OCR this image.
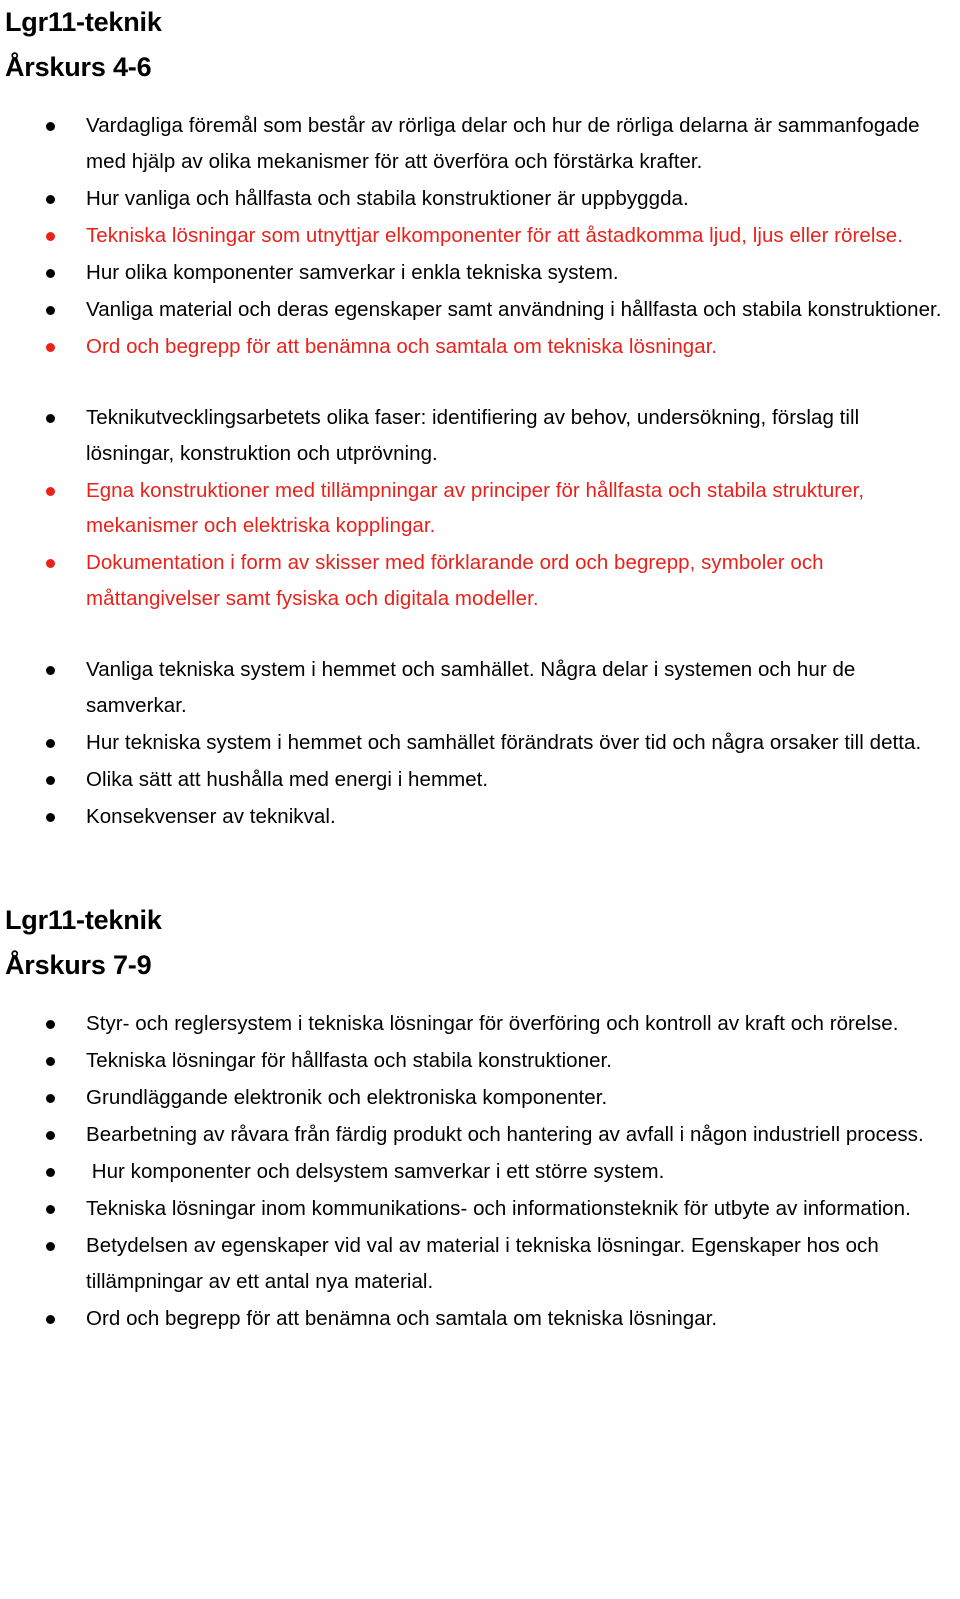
Lgr11-teknik
Årskurs 4-6
Vardagliga föremål som består av rörliga delar och hur de rörliga delarna är sammanfogade med hjälp av olika mekanismer för att överföra och förstärka krafter.
Hur vanliga och hållfasta och stabila konstruktioner är uppbyggda.
Tekniska lösningar som utnyttjar elkomponenter för att åstadkomma ljud, ljus eller rörelse.
Hur olika komponenter samverkar i enkla tekniska system.
Vanliga material och deras egenskaper samt användning i hållfasta och stabila konstruktioner.
Ord och begrepp för att benämna och samtala om tekniska lösningar.
Teknikutvecklingsarbetets olika faser: identifiering av behov, undersökning, förslag till lösningar, konstruktion och utprövning.
Egna konstruktioner med tillämpningar av principer för hållfasta och stabila strukturer, mekanismer och elektriska kopplingar.
Dokumentation i form av skisser med förklarande ord och begrepp, symboler och måttangivelser samt fysiska och digitala modeller.
Vanliga tekniska system i hemmet och samhället. Några delar i systemen och hur de samverkar.
Hur tekniska system i hemmet och samhället förändrats över tid och några orsaker till detta.
Olika sätt att hushålla med energi i hemmet.
Konsekvenser av teknikval.
Lgr11-teknik
Årskurs 7-9
Styr- och reglersystem i tekniska lösningar för överföring och kontroll av kraft och rörelse.
Tekniska lösningar för hållfasta och stabila konstruktioner.
Grundläggande elektronik och elektroniska komponenter.
Bearbetning av råvara från färdig produkt och hantering av avfall i någon industriell process.
Hur komponenter och delsystem samverkar i ett större system.
Tekniska lösningar inom kommunikations- och informationsteknik för utbyte av information.
Betydelsen av egenskaper vid val av material i tekniska lösningar. Egenskaper hos och tillämpningar av ett antal nya material.
Ord och begrepp för att benämna och samtala om tekniska lösningar.
